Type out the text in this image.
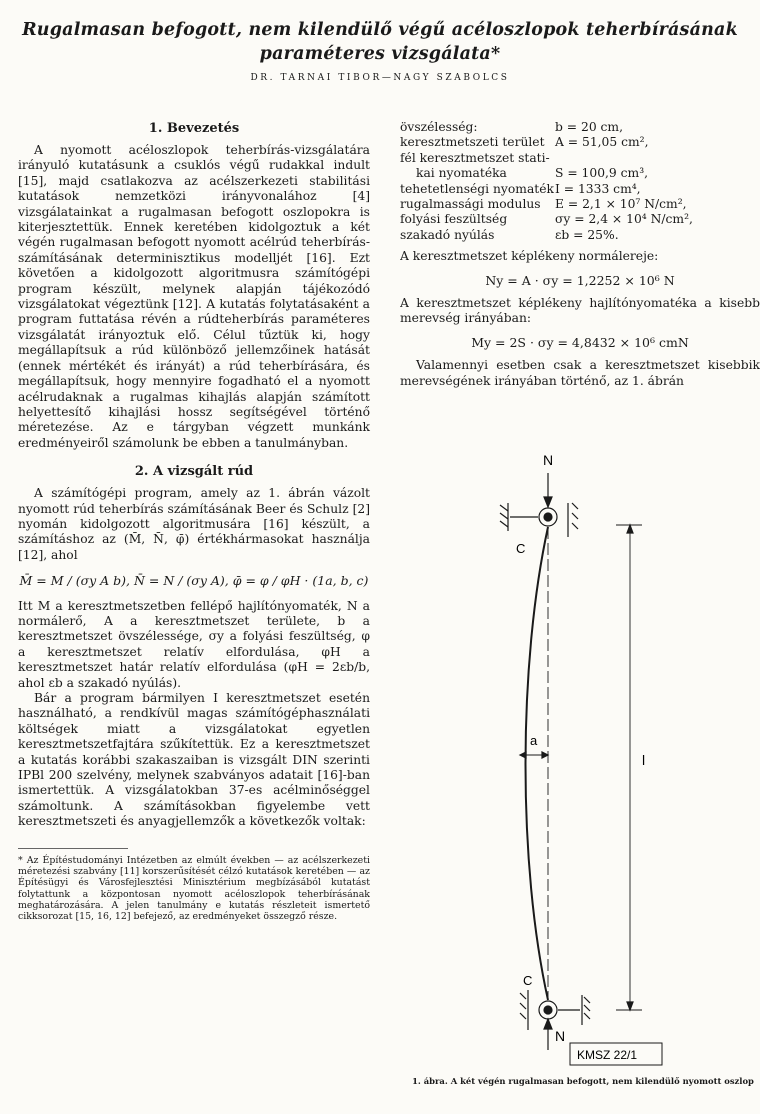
Rugalmasan befogott, nem kilendülő végű acéloszlopok teherbírásának paraméteres vizsgálata*
DR. TARNAI TIBOR—NAGY SZABOLCS
1. Bevezetés

A nyomott acéloszlopok teherbírás-vizsgálatára irányuló kutatásunk a csuklós végű rudakkal indult [15], majd csatlakozva az acélszerkezeti stabilitási kutatások nemzetközi irányvonalához [4] vizsgálatainkat a rugalmasan befogott oszlopokra is kiterjesztettük. Ennek keretében kidolgoztuk a két végén rugalmasan befogott nyomott acélrúd teherbírás-számításának determinisztikus modelljét [16]. Ezt követően a kidolgozott algoritmusra számítógépi program készült, melynek alapján tájékozódó vizsgálatokat végeztünk [12]. A kutatás folytatásaként a program futtatása révén a rúdteherbírás paraméteres vizsgálatát irányoztuk elő. Célul tűztük ki, hogy megállapítsuk a rúd különböző jellemzőinek hatását (ennek mértékét és irányát) a rúd teherbírására, és megállapítsuk, hogy mennyire fogadható el a nyomott acélrudaknak a rugalmas kihajlás alapján számított helyettesítő kihajlási hossz segítségével történő méretezése. Az e tárgyban végzett munkánk eredményeiről számolunk be ebben a tanulmányban.

2. A vizsgált rúd

A számítógépi program, amely az 1. ábrán vázolt nyomott rúd teherbírás számításának Beer és Schulz [2] nyomán kidolgozott algoritmusára [16] készült, a számításhoz az (M̄, N̄, φ̄) értékhármasokat használja [12], ahol

M̄ = M / (σy A b), N̄ = N / (σy A), φ̄ = φ / φH · (1a, b, c)

Itt M a keresztmetszetben fellépő hajlítónyomaték, N a normálerő, A a keresztmetszet területe, b a keresztmetszet övszélessége, σy a folyási feszültség, φ a keresztmetszet relatív elfordulása, φH a keresztmetszet határ relatív elfordulása (φH = 2εb/b, ahol εb a szakadó nyúlás).

Bár a program bármilyen I keresztmetszet esetén használható, a rendkívül magas számítógéphasználati költségek miatt a vizsgálatokat egyetlen keresztmetszetfajtára szűkítettük. Ez a keresztmetszet a kutatás korábbi szakaszaiban is vizsgált DIN szerinti IPBl 200 szelvény, melynek szabványos adatait [16]-ban ismertettük. A vizsgálatokban 37-es acélminőséggel számoltunk. A számításokban figyelembe vett keresztmetszeti és anyagjellemzők a következők voltak:

* Az Építéstudományi Intézetben az elmúlt években — az acélszerkezeti méretezési szabvány [11] korszerűsítését célzó kutatások keretében — az Építésügyi és Városfejlesztési Minisztérium megbízásából kutatást folytattunk a központosan nyomott acéloszlopok teherbírásának meghatározására. A jelen tanulmány e kutatás részleteit ismertető cikksorozat [15, 16, 12] befejező, az eredményeket összegző része.
övszélesség:	b = 20 cm,
keresztmetszeti terület A = 51,05 cm²,
fél keresztmetszet stati-
kai nyomatéka	S = 100,9 cm³,
tehetetlenségi nyomaték I = 1333 cm⁴,
rugalmassági modulus	E = 2,1 × 10⁷ N/cm²,
folyási feszültség	σy = 2,4 × 10⁴ N/cm²,
szakadó nyúlás	εb = 25%.

A keresztmetszet képlékeny normálereje:

Ny = A · σy = 1,2252 × 10⁶ N

A keresztmetszet képlékeny hajlítónyomatéka a kisebb merevség irányában:

My = 2S · σy = 4,8432 × 10⁶ cmN

Valamennyi esetben csak a keresztmetszet kisebbik merevségének irányában történő, az 1. ábrán

N
C
a
l
C
N
KMSZ 22/1
1. ábra. A két végén rugalmasan befogott, nem kilendülő nyomott oszlop
